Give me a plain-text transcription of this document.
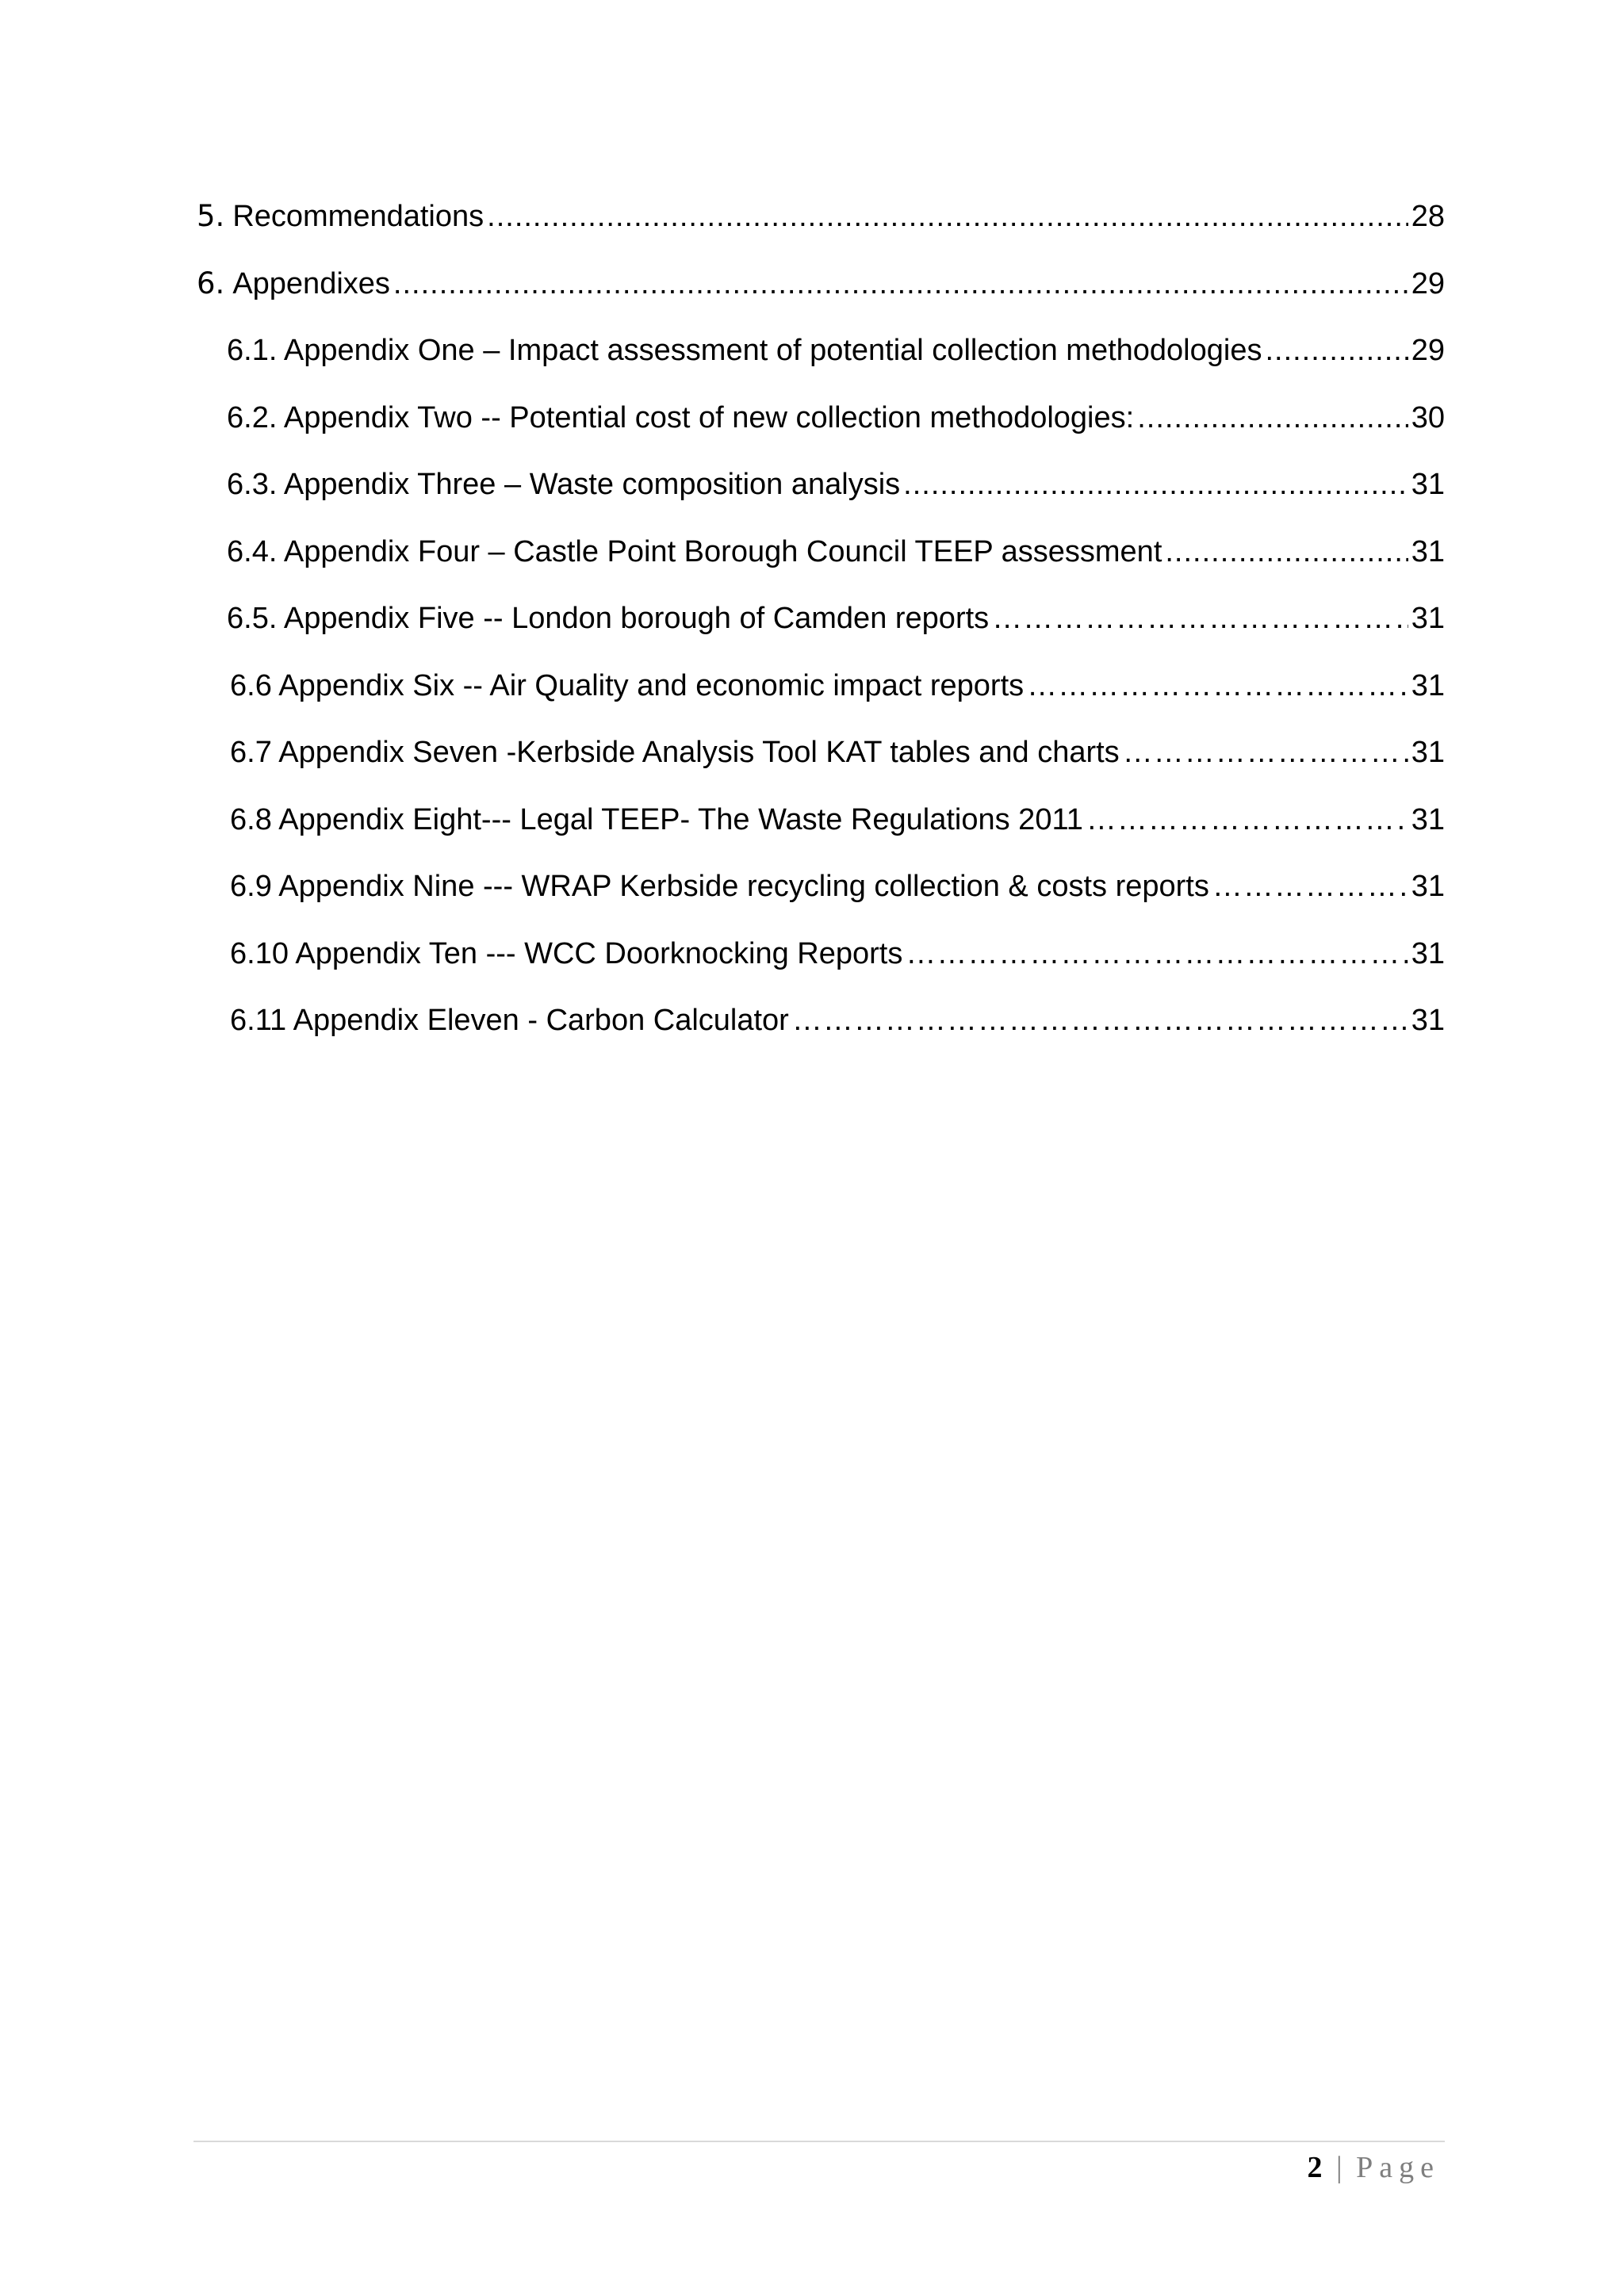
5. Recommendations .....	28
6. Appendixes .....	29
6.1. Appendix One – Impact assessment of potential collection methodologies .....	29
6.2. Appendix Two -- Potential cost of new collection methodologies: .....	30
6.3. Appendix Three – Waste composition analysis .....	31
6.4. Appendix Four – Castle Point Borough Council TEEP assessment .....	31
6.5. Appendix Five -- London borough of Camden reports …………………………………………………………………………………………………………………………………………	31
6.6 Appendix Six -- Air Quality and economic impact reports …………………………………………………………………………………………………………………………………………	31
6.7 Appendix Seven -Kerbside Analysis Tool KAT tables and charts …………………………………………………………………………………………………………………………………………	31
6.8 Appendix Eight--- Legal TEEP- The Waste Regulations 2011 …………………………………………………………………………………………………………………………………………	31
6.9 Appendix Nine --- WRAP Kerbside recycling collection & costs reports …………………………………………………………………………………………………………………………………………	31
6.10 Appendix Ten --- WCC Doorknocking Reports …………………………………………………………………………………………………………………………………………	31
6.11 Appendix Eleven - Carbon Calculator …………………………………………………………………………………………………………………………………………	31
2 | Page
